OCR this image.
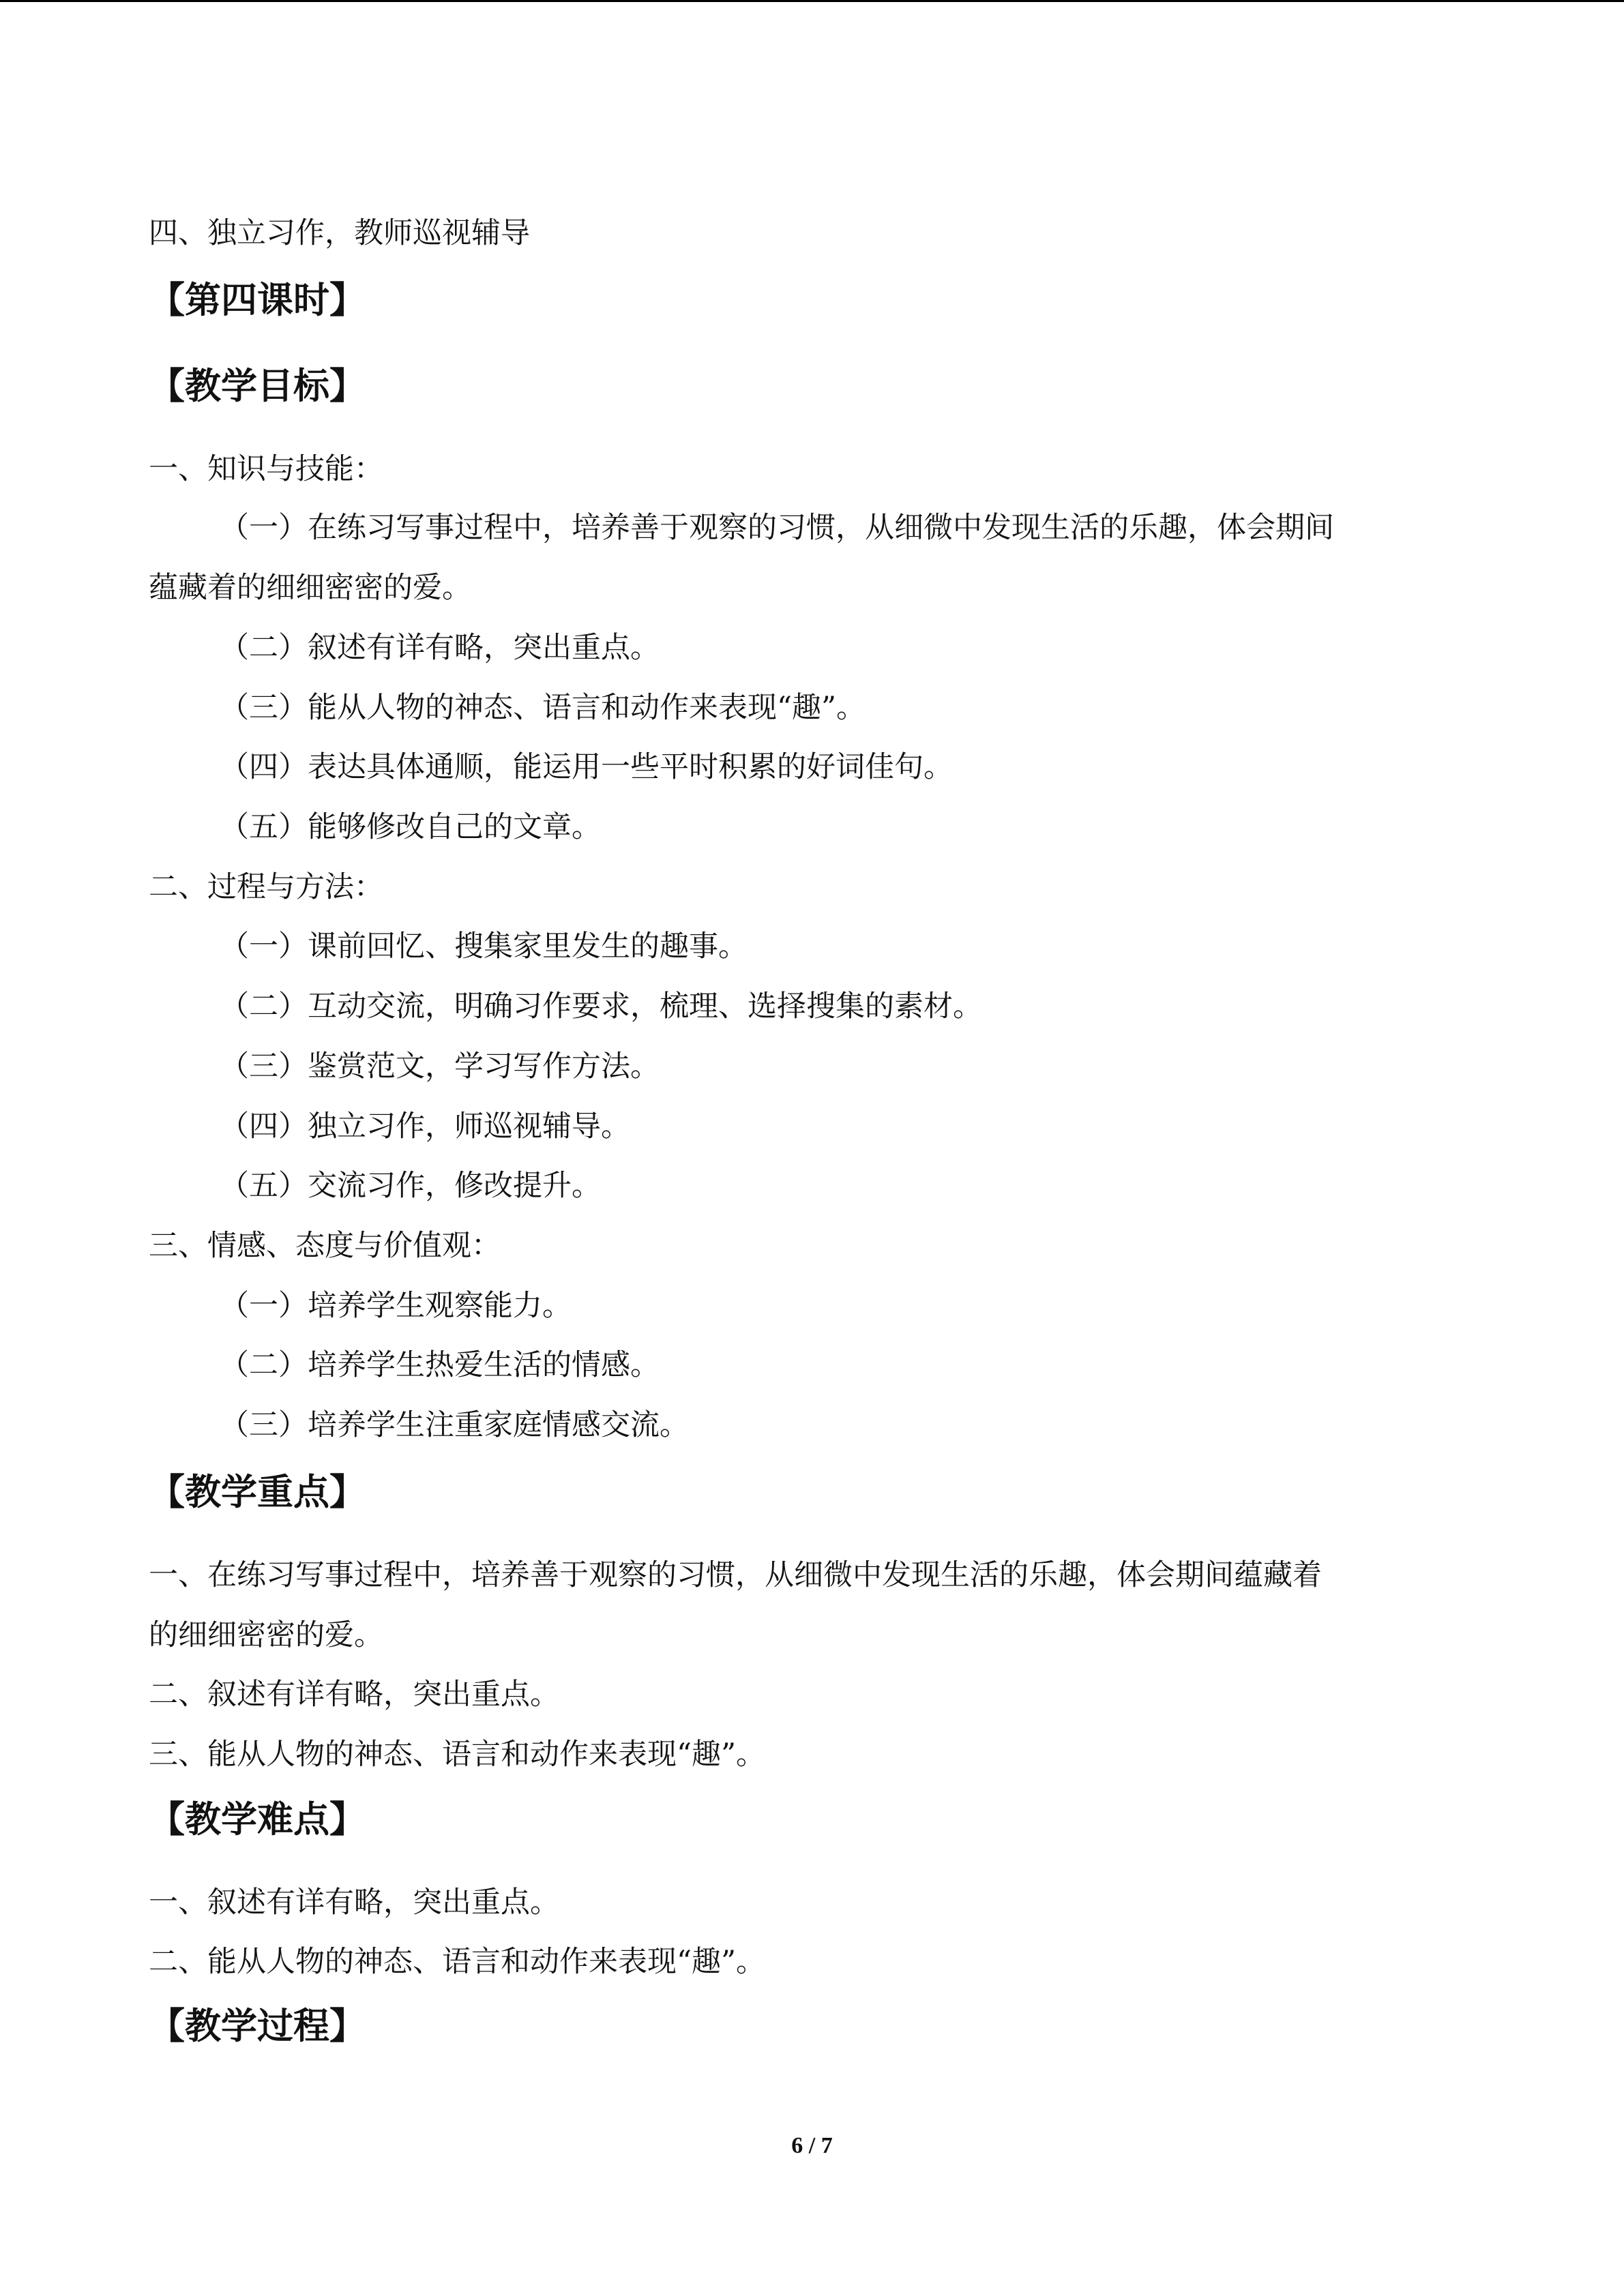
四、独立习作，教师巡视辅导
【第四课时】
【教学目标】
一、知识与技能：
（一）在练习写事过程中，培养善于观察的习惯，从细微中发现生活的乐趣，体会期间
蕴藏着的细细密密的爱。
（二）叙述有详有略，突出重点。
（三）能从人物的神态、语言和动作来表现“趣”。
（四）表达具体通顺，能运用一些平时积累的好词佳句。
（五）能够修改自己的文章。
二、过程与方法：
（一）课前回忆、搜集家里发生的趣事。
（二）互动交流，明确习作要求，梳理、选择搜集的素材。
（三）鉴赏范文，学习写作方法。
（四）独立习作，师巡视辅导。
（五）交流习作，修改提升。
三、情感、态度与价值观：
（一）培养学生观察能力。
（二）培养学生热爱生活的情感。
（三）培养学生注重家庭情感交流。
【教学重点】
一、在练习写事过程中，培养善于观察的习惯，从细微中发现生活的乐趣，体会期间蕴藏着
的细细密密的爱。
二、叙述有详有略，突出重点。
三、能从人物的神态、语言和动作来表现“趣”。
【教学难点】
一、叙述有详有略，突出重点。
二、能从人物的神态、语言和动作来表现“趣”。
【教学过程】
6 / 7
